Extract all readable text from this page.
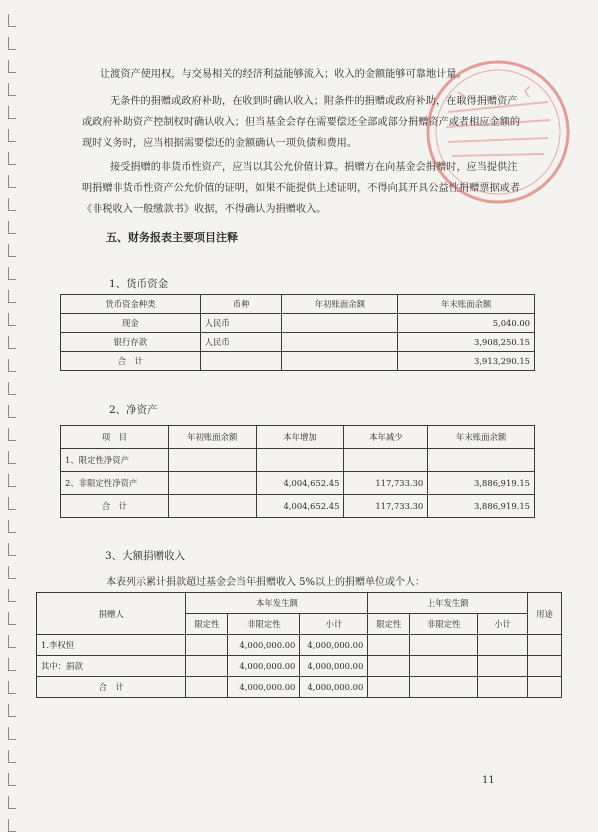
让渡资产使用权，与交易相关的经济利益能够流入；收入的金额能够可靠地计量。

无条件的捐赠或政府补助，在收到时确认收入；附条件的捐赠或政府补助，在取得捐赠资产或政府补助资产控制权时确认收入；但当基金会存在需要偿还全部或部分捐赠资产或者相应金额的现时义务时，应当根据需要偿还的金额确认一项负债和费用。

接受捐赠的非货币性资产，应当以其公允价值计算。捐赠方在向基金会捐赠时，应当提供注明捐赠非货币性资产公允价值的证明，如果不能提供上述证明，不得向其开具公益性捐赠票据或者《非税收入一般缴款书》收据，不得确认为捐赠收入。

五、财务报表主要项目注释

1、货币资金

货币资金种类	币种	年初账面余额	年末账面余额
现金	人民币		5,040.00
银行存款	人民币		3,908,250.15
合　计			3,913,290.15

2、净资产

项　目	年初账面余额	本年增加	本年减少	年末账面余额
1、限定性净资产				
2、非限定性净资产		4,004,652.45	117,733.30	3,886,919.15
合　计		4,004,652.45	117,733.30	3,886,919.15

3、大额捐赠收入

本表列示累计捐款超过基金会当年捐赠收入 5%以上的捐赠单位或个人：

捐赠人	本年发生额			上年发生额			用途
	限定性	非限定性	小计	限定性	非限定性	小计	
1.李权恒		4,000,000.00	4,000,000.00				
其中：捐款		4,000,000.00	4,000,000.00				
合　计		4,000,000.00	4,000,000.00				
11
